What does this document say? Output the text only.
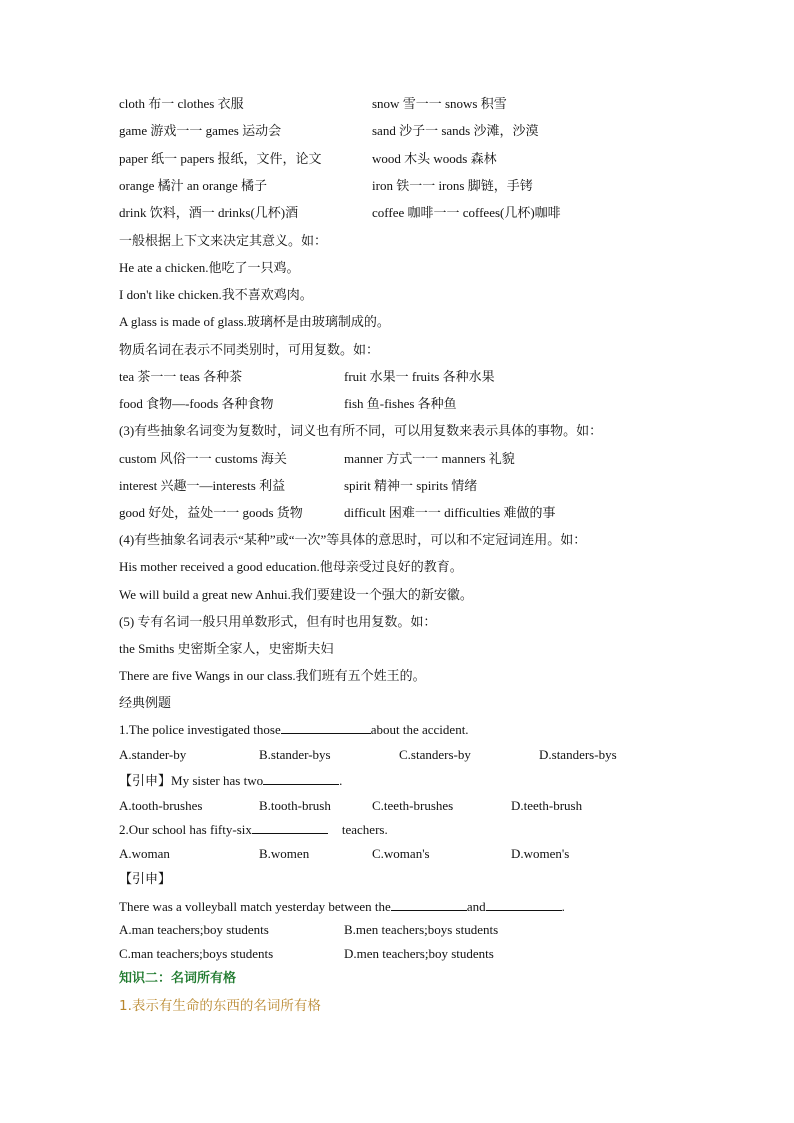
cloth 布一 clothes 衣服	snow 雪一一 snows 积雪
game 游戏一一 games 运动会	sand 沙子一 sands 沙滩，沙漠
paper 纸一 papers 报纸，文件，论文	wood 木头 woods 森林
orange 橘汁 an orange 橘子	iron 铁一一 irons 脚链，手铐
drink 饮料，酒一 drinks(几杯)酒	coffee 咖啡一一 coffees(几杯)咖啡
一般根据上下文来决定其意义。如：
He ate a chicken.他吃了一只鸡。
I don't like chicken.我不喜欢鸡肉。
A glass is made of glass.玻璃杯是由玻璃制成的。
物质名词在表示不同类别时，可用复数。如：
tea 茶一一 teas 各种茶	fruit 水果一 fruits 各种水果
food 食物—-foods 各种食物	fish 鱼-fishes 各种鱼
(3)有些抽象名词变为复数时，词义也有所不同，可以用复数来表示具体的事物。如：
custom 风俗一一 customs 海关	manner 方式一一 manners 礼貌
interest 兴趣一—interests 利益	spirit 精神一 spirits 情绪
good 好处，益处一一 goods 货物	difficult 困难一一 difficulties 难做的事
(4)有些抽象名词表示“某种”或“一次”等具体的意思时，可以和不定冠词连用。如：
His mother received a good education.他母亲受过良好的教育。
We will build a great new Anhui.我们要建设一个强大的新安徽。
(5) 专有名词一般只用单数形式，但有时也用复数。如：
the Smiths 史密斯全家人，史密斯夫妇
There are five Wangs in our class.我们班有五个姓王的。
经典例题
1.The police investigated those	about the accident.
A.stander-by	B.stander-bys	C.standers-by	D.standers-bys
【引申】My sister has two	.
A.tooth-brushes	B.tooth-brush	C.teeth-brushes	D.teeth-brush
2.Our school has fifty-six	teachers.
A.woman	B.women	C.woman's	D.women's
【引申】
There was a volleyball match yesterday between the	and	.
A.man teachers;boy students	B.men teachers;boys students
C.man teachers;boys students	D.men teachers;boy students
知识二：名词所有格
1.表示有生命的东西的名词所有格
